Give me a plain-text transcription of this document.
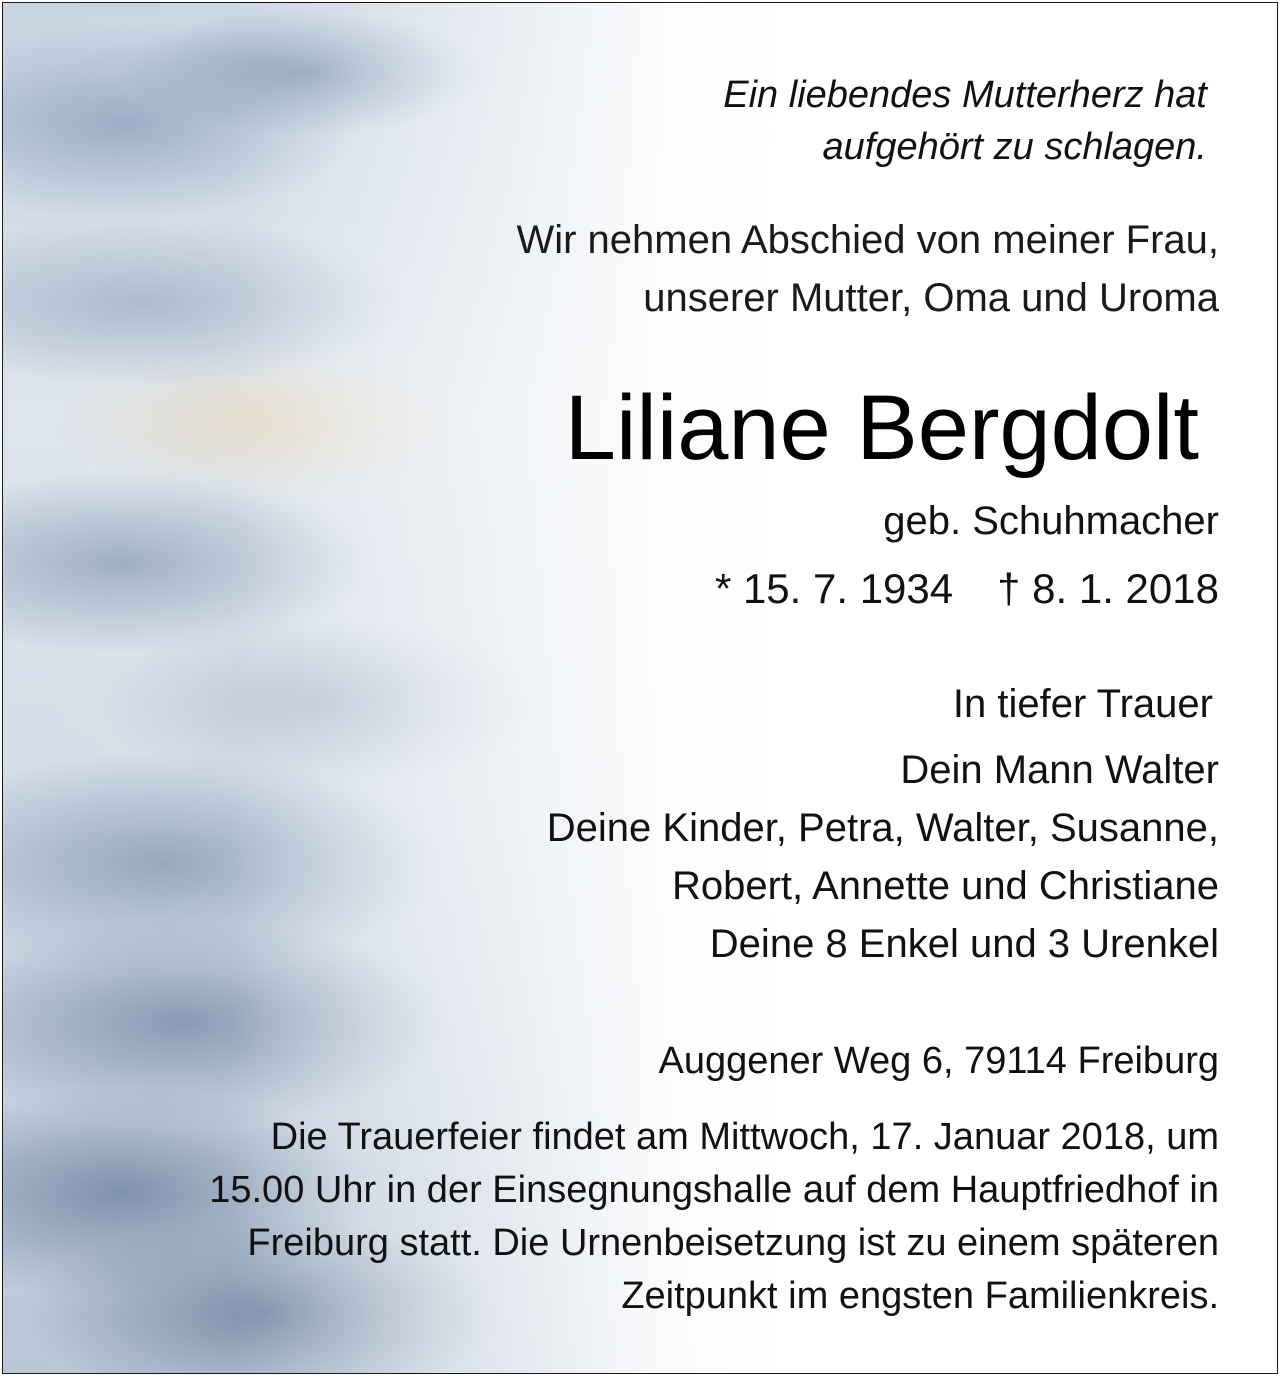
Ein liebendes Mutterherz hat
aufgehört zu schlagen.

Wir nehmen Abschied von meiner Frau,
unserer Mutter, Oma und Uroma

Liliane Bergdolt

geb. Schuhmacher

* 15. 7. 1934 † 8. 1. 2018

In tiefer Trauer

Dein Mann Walter
Deine Kinder, Petra, Walter, Susanne,
Robert, Annette und Christiane
Deine 8 Enkel und 3 Urenkel

Auggener Weg 6, 79114 Freiburg

Die Trauerfeier findet am Mittwoch, 17. Januar 2018, um
15.00 Uhr in der Einsegnungshalle auf dem Hauptfriedhof in
Freiburg statt. Die Urnenbeisetzung ist zu einem späteren
Zeitpunkt im engsten Familienkreis.
